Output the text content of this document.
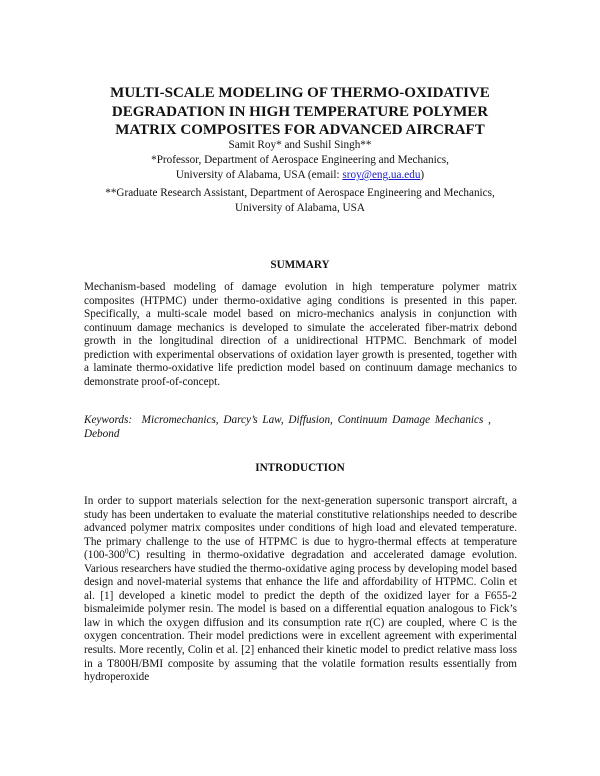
MULTI-SCALE MODELING OF THERMO-OXIDATIVE
DEGRADATION IN HIGH TEMPERATURE POLYMER
MATRIX COMPOSITES FOR ADVANCED AIRCRAFT
Samit Roy* and Sushil Singh**
*Professor, Department of Aerospace Engineering and Mechanics,
University of Alabama, USA (email: sroy@eng.ua.edu)
**Graduate Research Assistant, Department of Aerospace Engineering and Mechanics,
University of Alabama, USA
SUMMARY

Mechanism-based modeling of damage evolution in high temperature polymer matrix composites (HTPMC) under thermo-oxidative aging conditions is presented in this paper. Specifically, a multi-scale model based on micro-mechanics analysis in conjunction with continuum damage mechanics is developed to simulate the accelerated fiber-matrix debond growth in the longitudinal direction of a unidirectional HTPMC. Benchmark of model prediction with experimental observations of oxidation layer growth is presented, together with a laminate thermo-oxidative life prediction model based on continuum damage mechanics to demonstrate proof-of-concept.

Keywords: Micromechanics, Darcy’s Law, Diffusion, Continuum Damage Mechanics , Debond

INTRODUCTION

In order to support materials selection for the next-generation supersonic transport aircraft, a study has been undertaken to evaluate the material constitutive relationships needed to describe advanced polymer matrix composites under conditions of high load and elevated temperature. The primary challenge to the use of HTPMC is due to hygro-thermal effects at temperature $(100-300^0C)$ resulting in thermo-oxidative degradation and accelerated damage evolution. Various researchers have studied the thermo-oxidative aging process by developing model based design and novel-material systems that enhance the life and affordability of HTPMC. Colin et al. [1] developed a kinetic model to predict the depth of the oxidized layer for a F655-2 bismaleimide polymer resin. The model is based on a differential equation analogous to Fick’s law in which the oxygen diffusion and its consumption rate r(C) are coupled, where C is the oxygen concentration. Their model predictions were in excellent agreement with experimental results. More recently, Colin et al. [2] enhanced their kinetic model to predict relative mass loss in a T800H/BMI composite by assuming that the volatile formation results essentially from hydroperoxide
